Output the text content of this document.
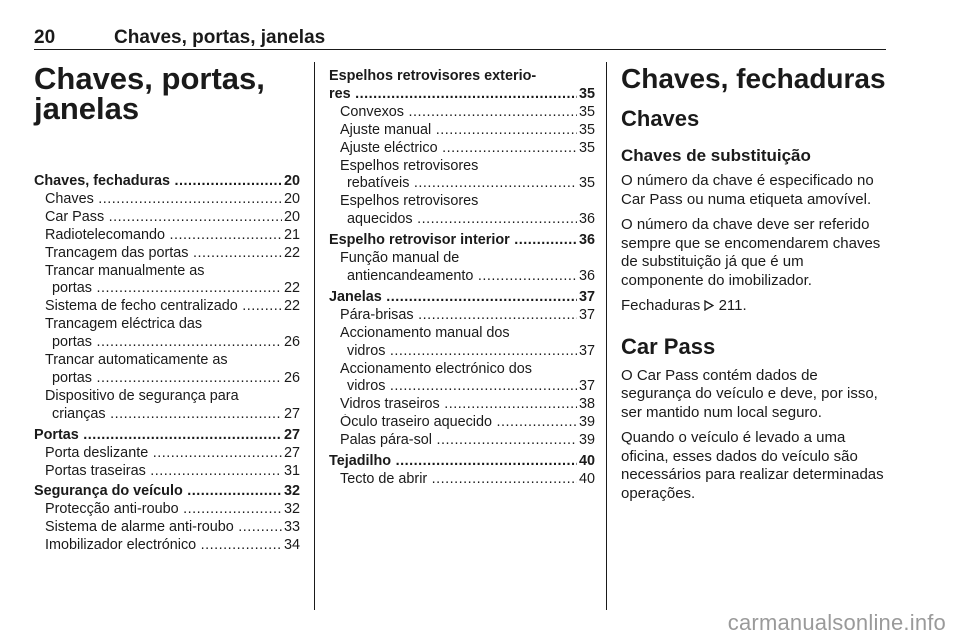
20	Chaves, portas, janelas
Chaves, portas,
janelas
Chaves, fechaduras .....	20
Chaves .....	20
Car Pass .....	20
Radiotelecomando .....	21
Trancagem das portas .....	22
Trancar manualmente as
portas .....	22
Sistema de fecho centralizado .....	22
Trancagem eléctrica das
portas .....	26
Trancar automaticamente as
portas .....	26
Dispositivo de segurança para
crianças .....	27
Portas .....	27
Porta deslizante .....	27
Portas traseiras .....	31
Segurança do veículo .....	32
Protecção anti-roubo .....	32
Sistema de alarme anti-roubo .....	33
Imobilizador electrónico .....	34
Espelhos retrovisores exterio-
res .....	35
Convexos .....	35
Ajuste manual .....	35
Ajuste eléctrico .....	35
Espelhos retrovisores
rebatíveis .....	35
Espelhos retrovisores
aquecidos .....	36
Espelho retrovisor interior .....	36
Função manual de
antiencandeamento .....	36
Janelas .....	37
Pára-brisas .....	37
Accionamento manual dos
vidros .....	37
Accionamento electrónico dos
vidros .....	37
Vidros traseiros .....	38
Óculo traseiro aquecido .....	39
Palas pára-sol .....	39
Tejadilho .....	40
Tecto de abrir .....	40
Chaves, fechaduras
Chaves
Chaves de substituição

O número da chave é especificado no Car Pass ou numa etiqueta amovível.

O número da chave deve ser referido sempre que se encomendarem chaves de substituição já que é um componente do imobilizador.

Fechaduras 211.

Car Pass

O Car Pass contém dados de segurança do veículo e deve, por isso, ser mantido num local seguro.

Quando o veículo é levado a uma oficina, esses dados do veículo são necessários para realizar determinadas operações.

carmanualsonline.info
